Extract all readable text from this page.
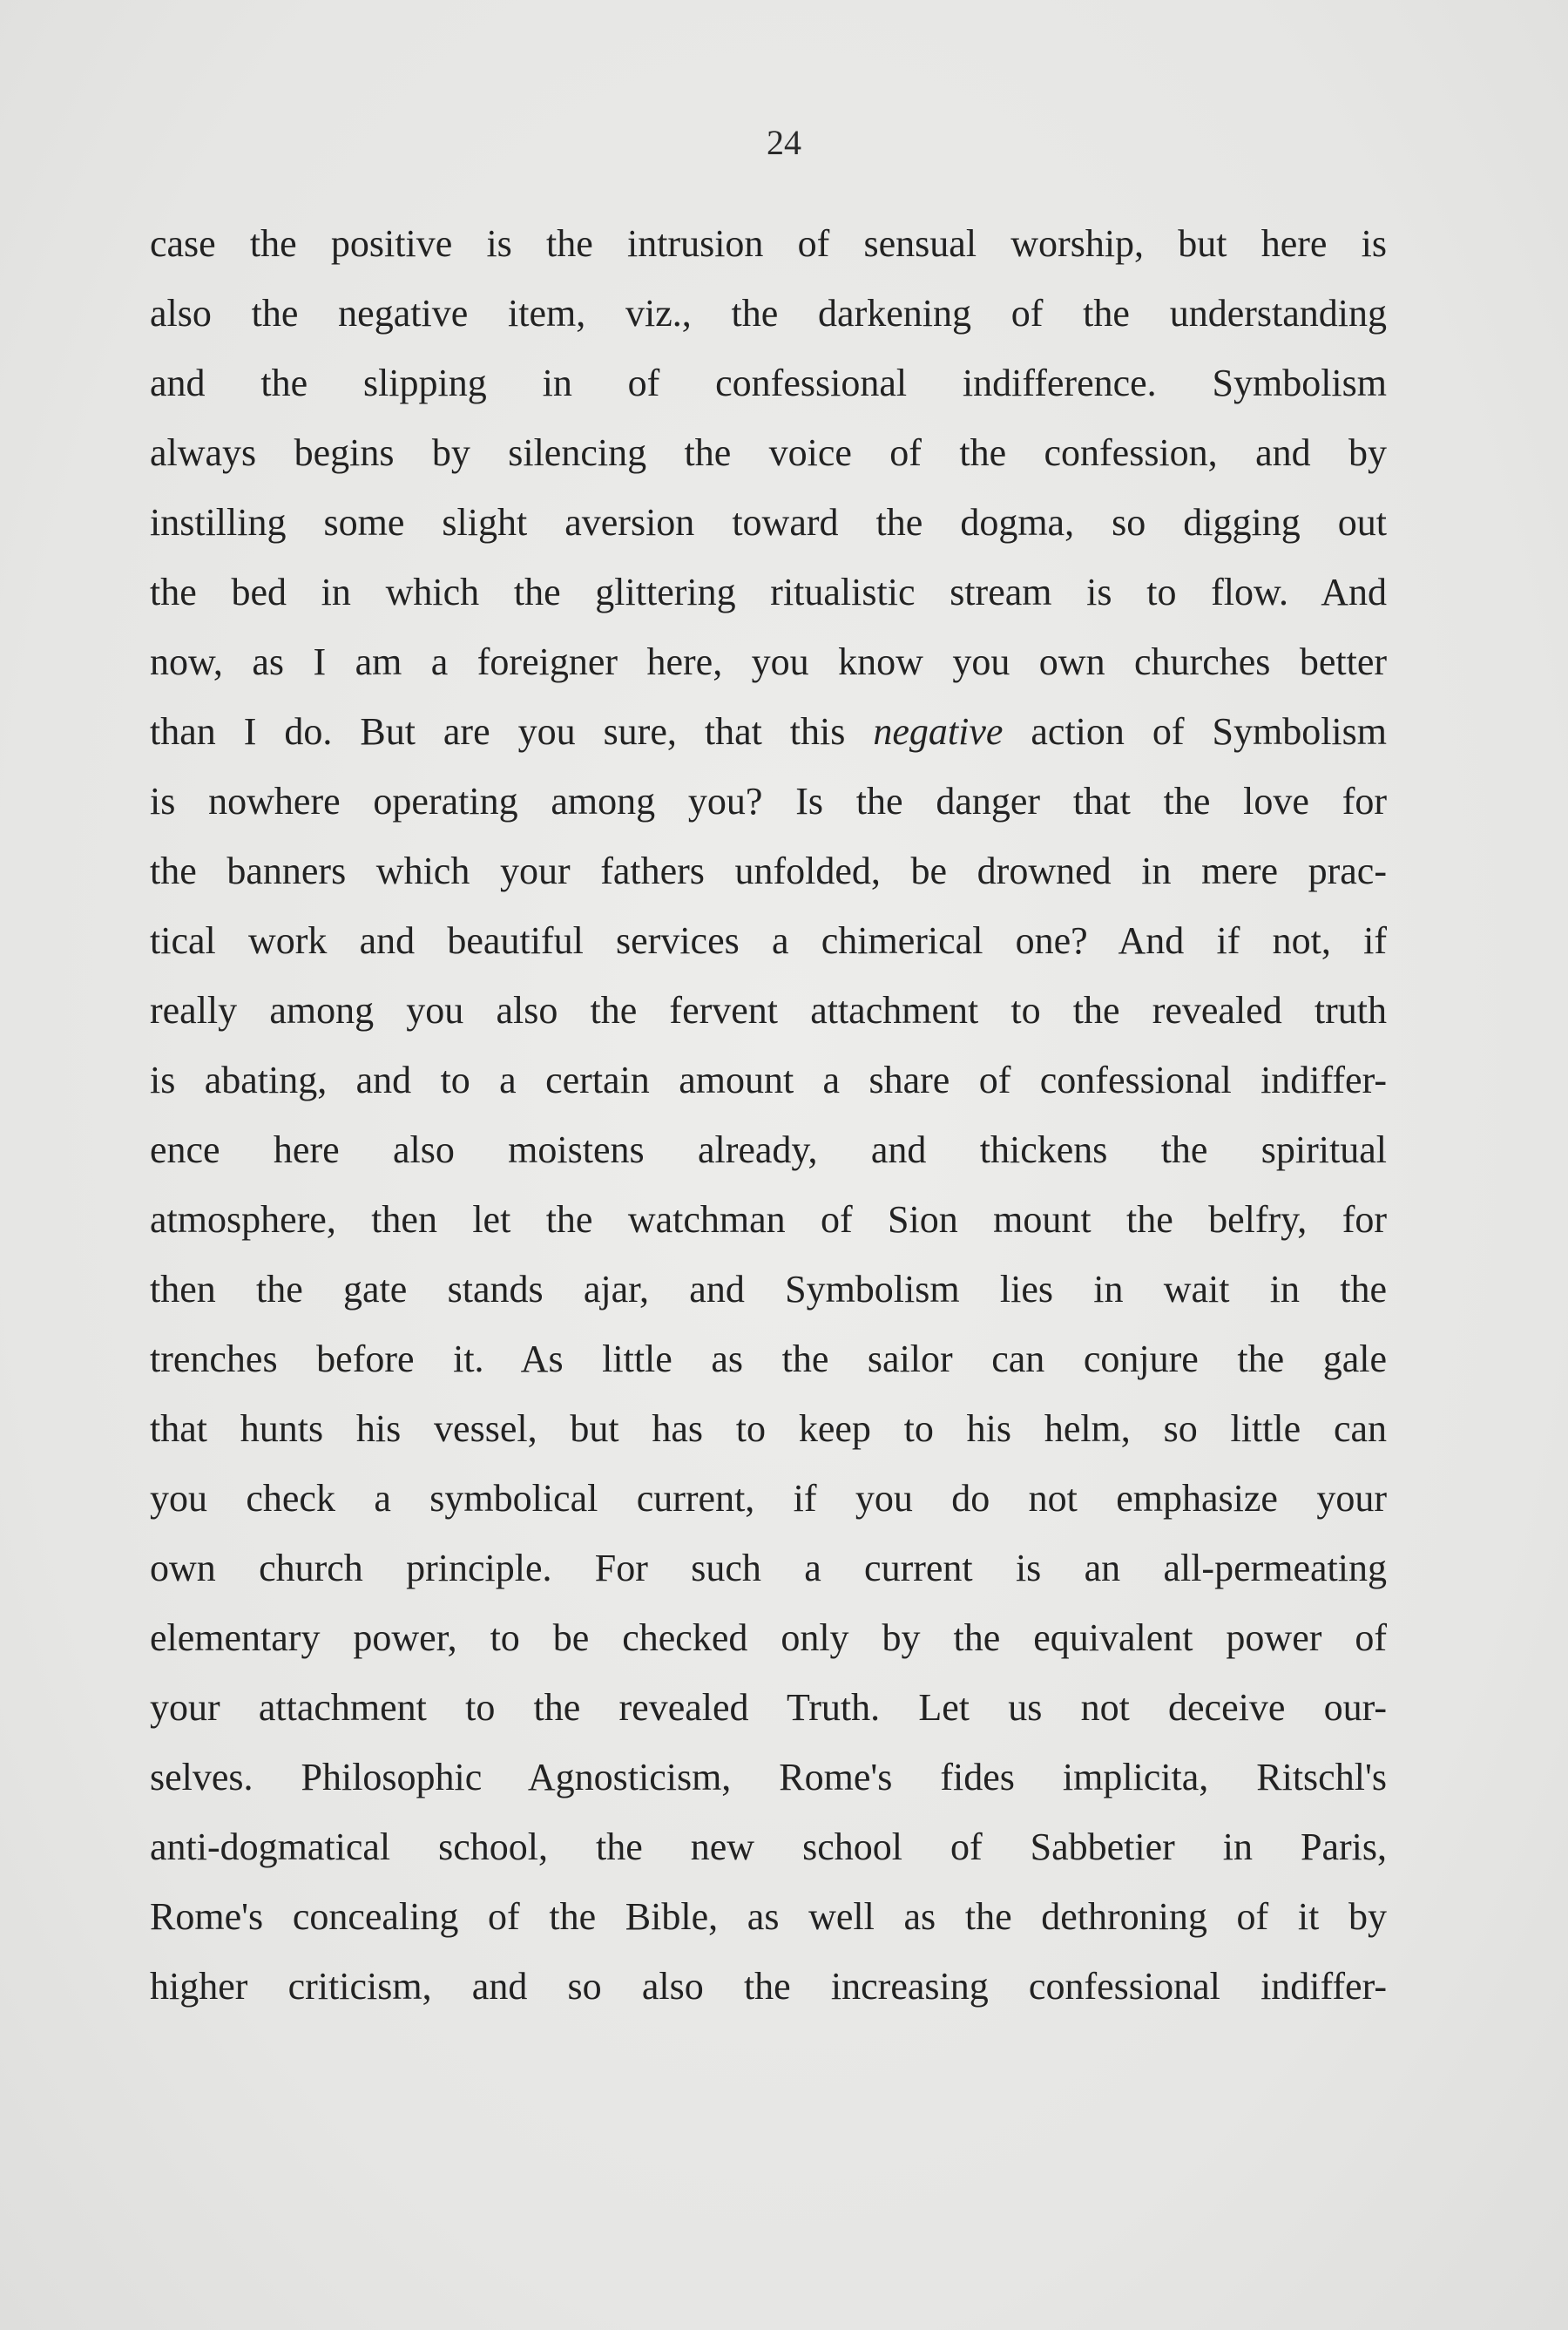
24
case the positive is the intrusion of sensual worship, but here is
also the negative item, viz., the darkening of the understanding
and the slipping in of confessional indifference. Symbolism
always begins by silencing the voice of the confession, and by
instilling some slight aversion toward the dogma, so digging out
the bed in which the glittering ritualistic stream is to flow. And
now, as I am a foreigner here, you know you own churches better
than I do. But are you sure, that this negative action of Symbolism
is nowhere operating among you? Is the danger that the love for
the banners which your fathers unfolded, be drowned in mere prac-
tical work and beautiful services a chimerical one? And if not, if
really among you also the fervent attachment to the revealed truth
is abating, and to a certain amount a share of confessional indiffer-
ence here also moistens already, and thickens the spiritual
atmosphere, then let the watchman of Sion mount the belfry, for
then the gate stands ajar, and Symbolism lies in wait in the
trenches before it. As little as the sailor can conjure the gale
that hunts his vessel, but has to keep to his helm, so little can
you check a symbolical current, if you do not emphasize your
own church principle. For such a current is an all-permeating
elementary power, to be checked only by the equivalent power of
your attachment to the revealed Truth. Let us not deceive our-
selves. Philosophic Agnosticism, Rome's fides implicita, Ritschl's
anti-dogmatical school, the new school of Sabbetier in Paris,
Rome's concealing of the Bible, as well as the dethroning of it by
higher criticism, and so also the increasing confessional indiffer-
